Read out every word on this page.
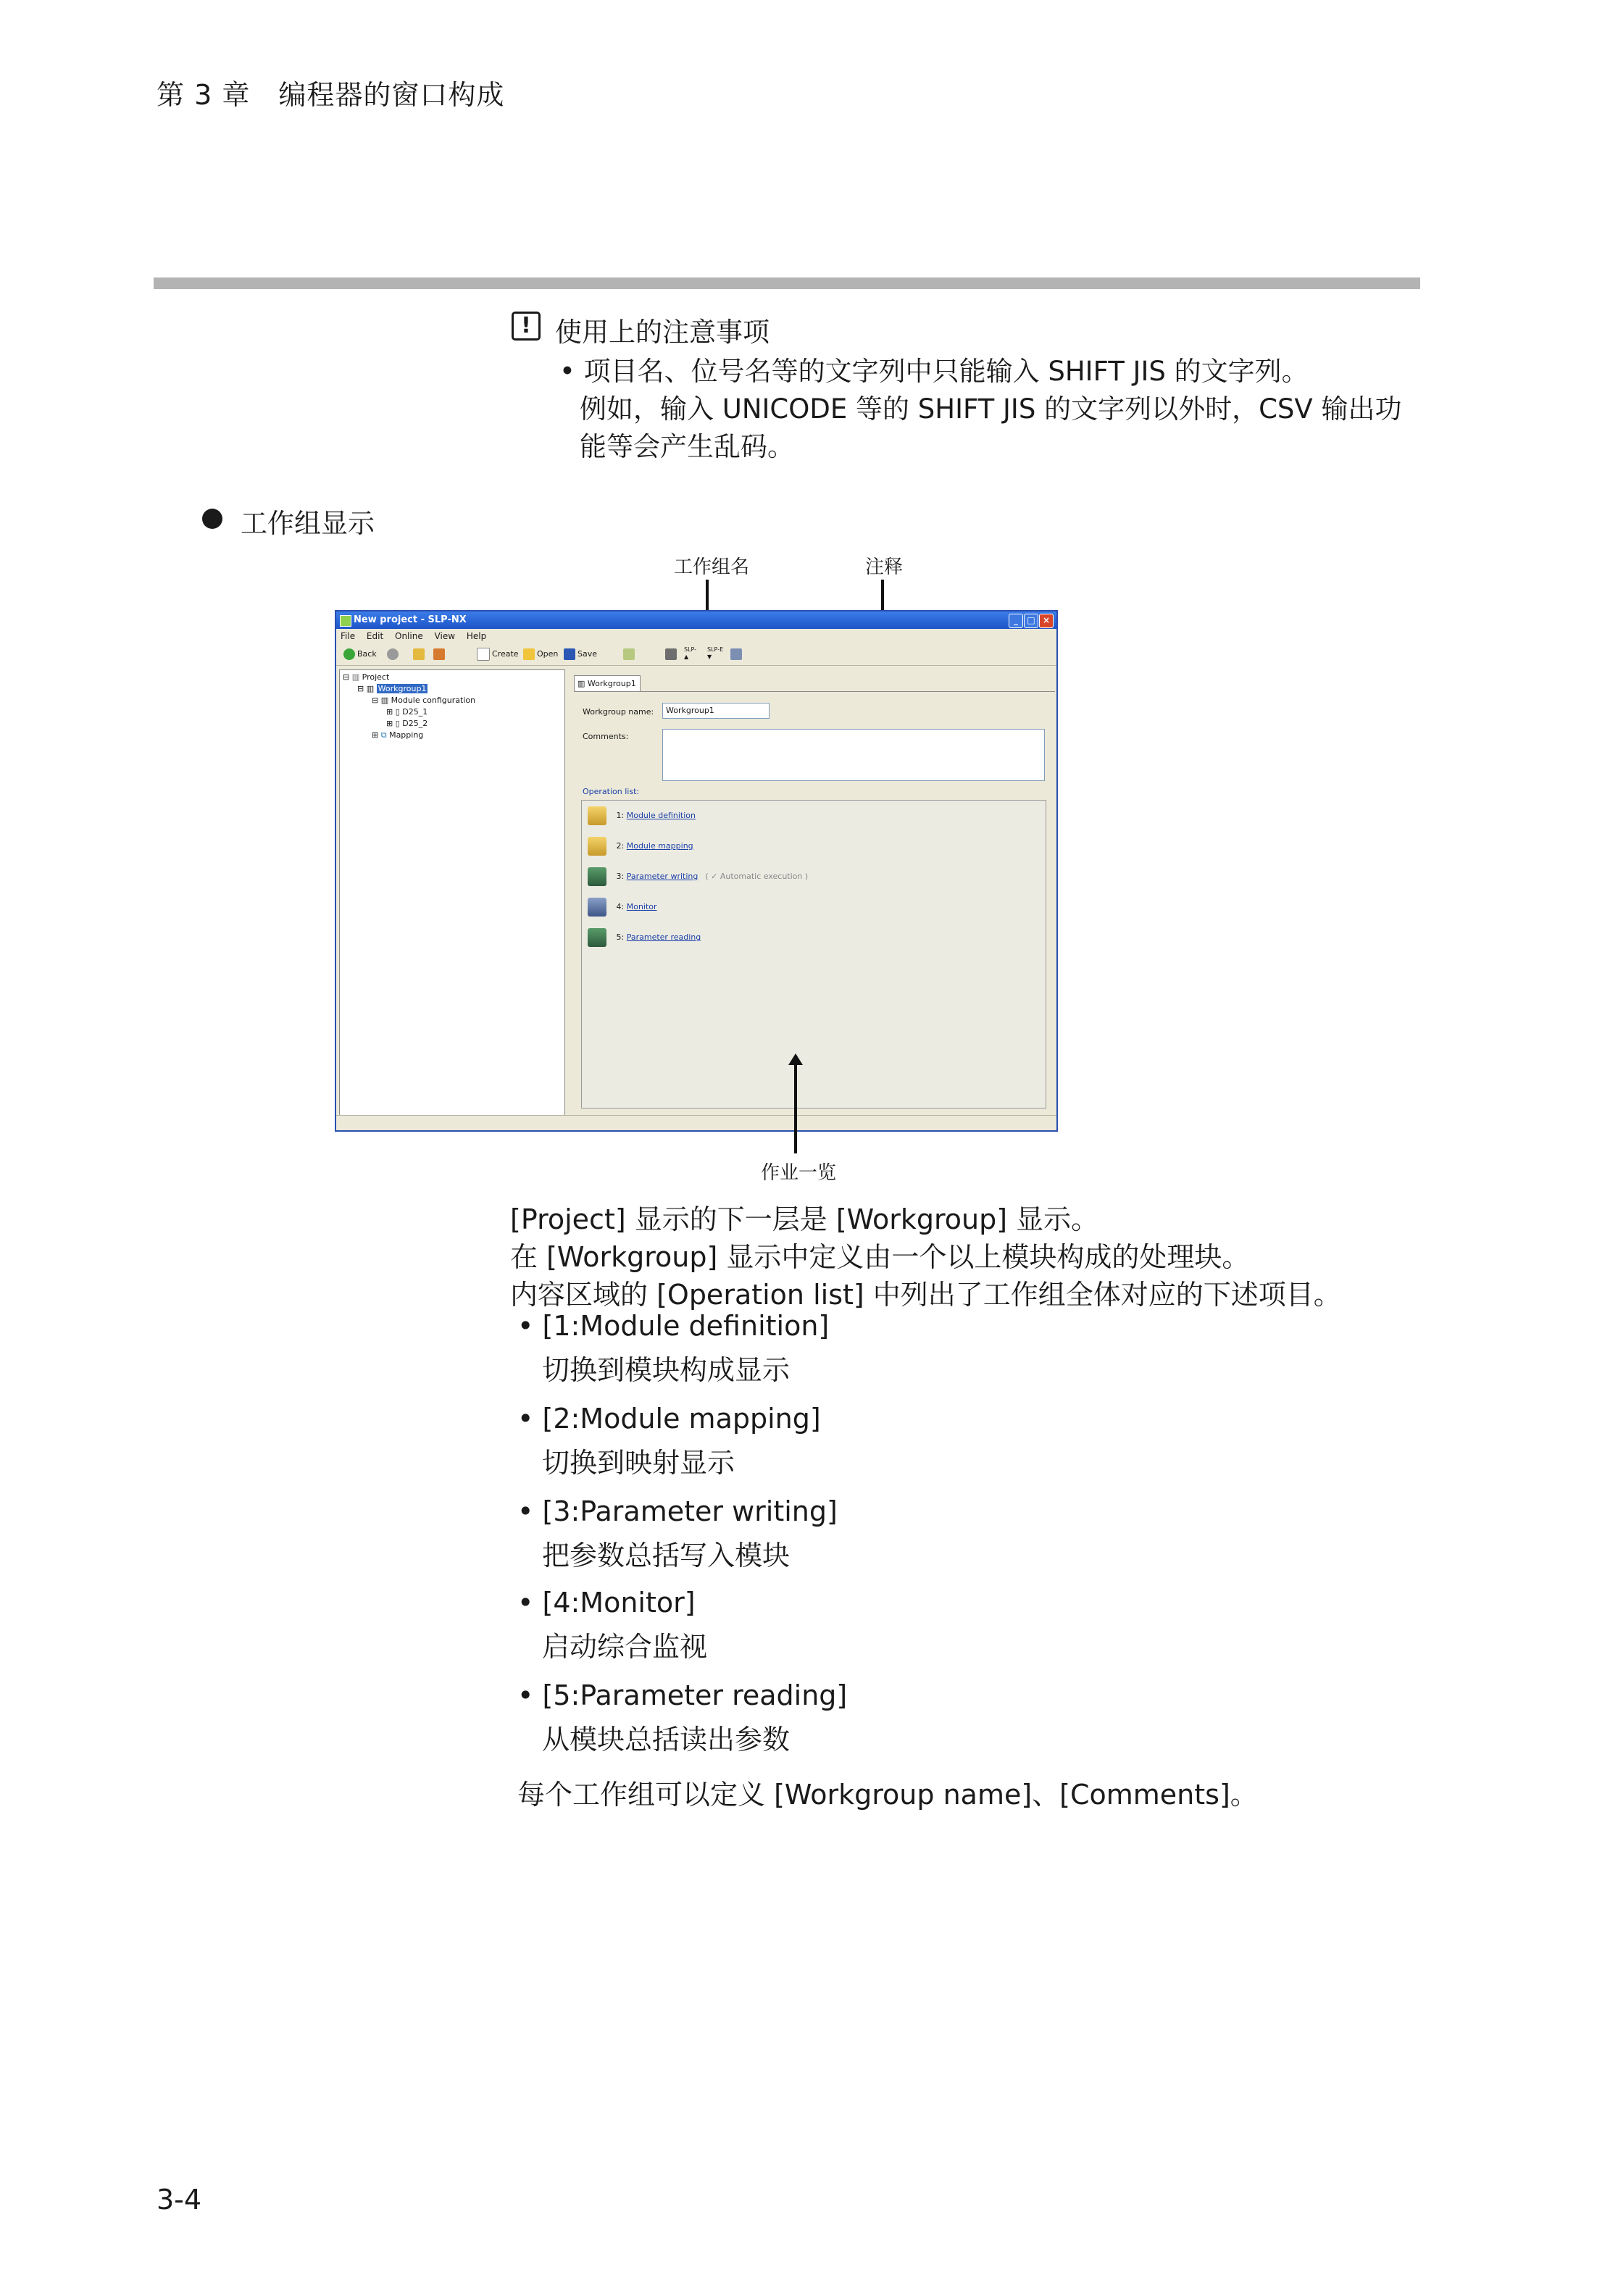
第 3 章　编程器的窗口构成
! 使用上的注意事项
• 项目名、位号名等的文字列中只能输入 SHIFT JIS 的文字列。
例如，输入 UNICODE 等的 SHIFT JIS 的文字列以外时，CSV 输出功
能等会产生乱码。
工作组显示
工作组名	注释
New project - SLP-NX	_	□ ×
File Edit Online View Help
Back	Create	Open	Save	SLP-
▲
SLP-E
▼
⊟ ▥ Project
⊟ ▥ Workgroup1
⊟ ▥ Module configuration
⊞ ▯ D25_1
⊞ ▯ D25_2
⊞ ⧉ Mapping
▥ Workgroup1
Workgroup name:	Workgroup1
Comments:
Operation list:
1: Module definition
2: Module mapping
3: Parameter writing ( ✓ Automatic execution )
4: Monitor
5: Parameter reading
作业一览
[Project] 显示的下一层是 [Workgroup] 显示。
在 [Workgroup] 显示中定义由一个以上模块构成的处理块。
内容区域的 [Operation list] 中列出了工作组全体对应的下述项目。
• [1:Module definition]
切换到模块构成显示
• [2:Module mapping]
切换到映射显示
• [3:Parameter writing]
把参数总括写入模块
• [4:Monitor]
启动综合监视
• [5:Parameter reading]
从模块总括读出参数
每个工作组可以定义 [Workgroup name]、[Comments]。
3-4
